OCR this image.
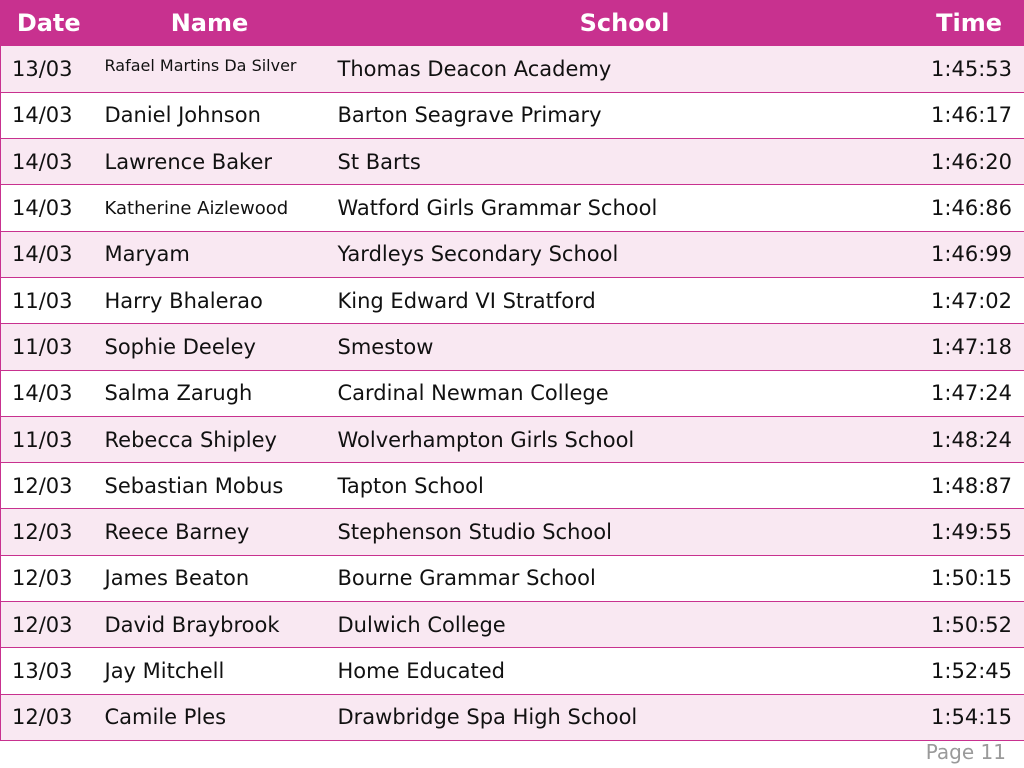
Date	Name	School	Time
13/03	Rafael Martins Da Silver	Thomas Deacon Academy	1:45:53
14/03	Daniel Johnson	Barton Seagrave Primary	1:46:17
14/03	Lawrence Baker	St Barts	1:46:20
14/03	Katherine Aizlewood	Watford Girls Grammar School	1:46:86
14/03	Maryam	Yardleys Secondary School	1:46:99
11/03	Harry Bhalerao	King Edward VI Stratford	1:47:02
11/03	Sophie Deeley	Smestow	1:47:18
14/03	Salma Zarugh	Cardinal Newman College	1:47:24
11/03	Rebecca Shipley	Wolverhampton Girls School	1:48:24
12/03	Sebastian Mobus	Tapton School	1:48:87
12/03	Reece Barney	Stephenson Studio School	1:49:55
12/03	James Beaton	Bourne Grammar School	1:50:15
12/03	David Braybrook	Dulwich College	1:50:52
13/03	Jay Mitchell	Home Educated	1:52:45
12/03	Camile Ples	Drawbridge Spa High School	1:54:15
Page 11
